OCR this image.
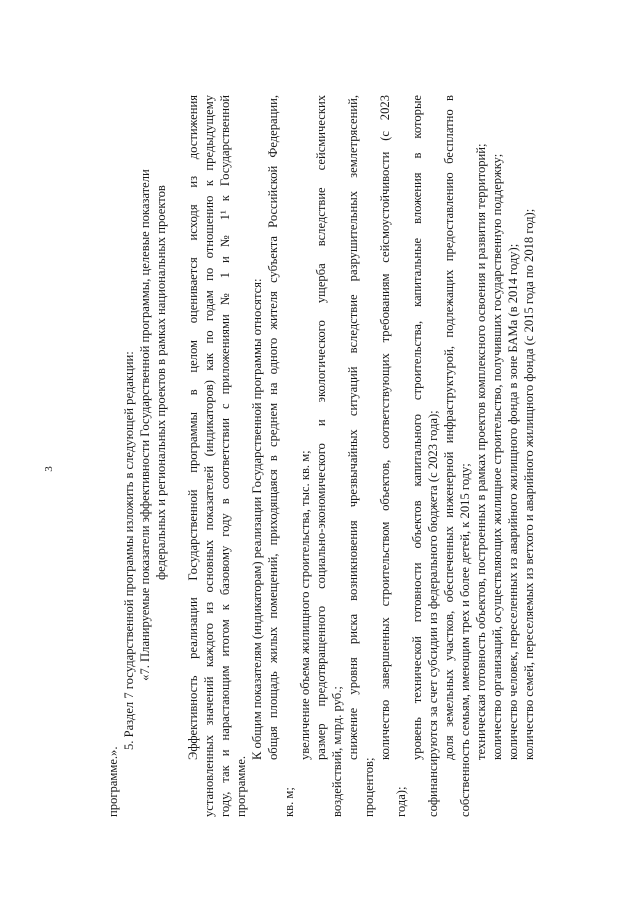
3
программе.».
5. Раздел 7 государственной программы изложить в следующей редакции: «7. Планируемые показатели эффективности Государственной программы, целевые показатели федеральных и региональных проектов в рамках национальных проектов Эффективность реализации Государственной программы в целом оценивается исходя из достижения установленных значений каждого из основных показателей (индикаторов) как по годам по отношению к предыдущему году, так и нарастающим итогом к базовому году в соответствии с приложениями № 1 и № 1¹ к Государственной программе.
К общим показателям (индикаторам) реализации Государственной программы относятся: общая площадь жилых помещений, приходящаяся в среднем на одного жителя субъекта Российской Федерации,
кв. м;
увеличение объема жилищного строительства, тыс. кв. м; размер предотвращенного социально-экономического и экологического ущерба вследствие сейсмических воздействий, млрд. руб.; снижение уровня риска возникновения чрезвычайных ситуаций вследствие разрушительных землетрясений,
процентов;
количество завершенных строительством объектов, соответствующих требованиям сейсмоустойчивости (с 2023
года);
уровень технической готовности объектов капитального строительства, капитальные вложения в которые софинансируются за счет субсидии из федерального бюджета (с 2023 года); доля земельных участков, обеспеченных инженерной инфраструктурой, подлежащих предоставлению бесплатно в собственность семьям, имеющим трех и более детей, к 2015 году; техническая готовность объектов, построенных в рамках проектов комплексного освоения и развития территорий; количество организаций, осуществляющих жилищное строительство, получивших государственную поддержку; количество человек, переселенных из аварийного жилищного фонда в зоне БАМа (в 2014 году); количество семей, переселяемых из ветхого и аварийного жилищного фонда (с 2015 года по 2018 год);
